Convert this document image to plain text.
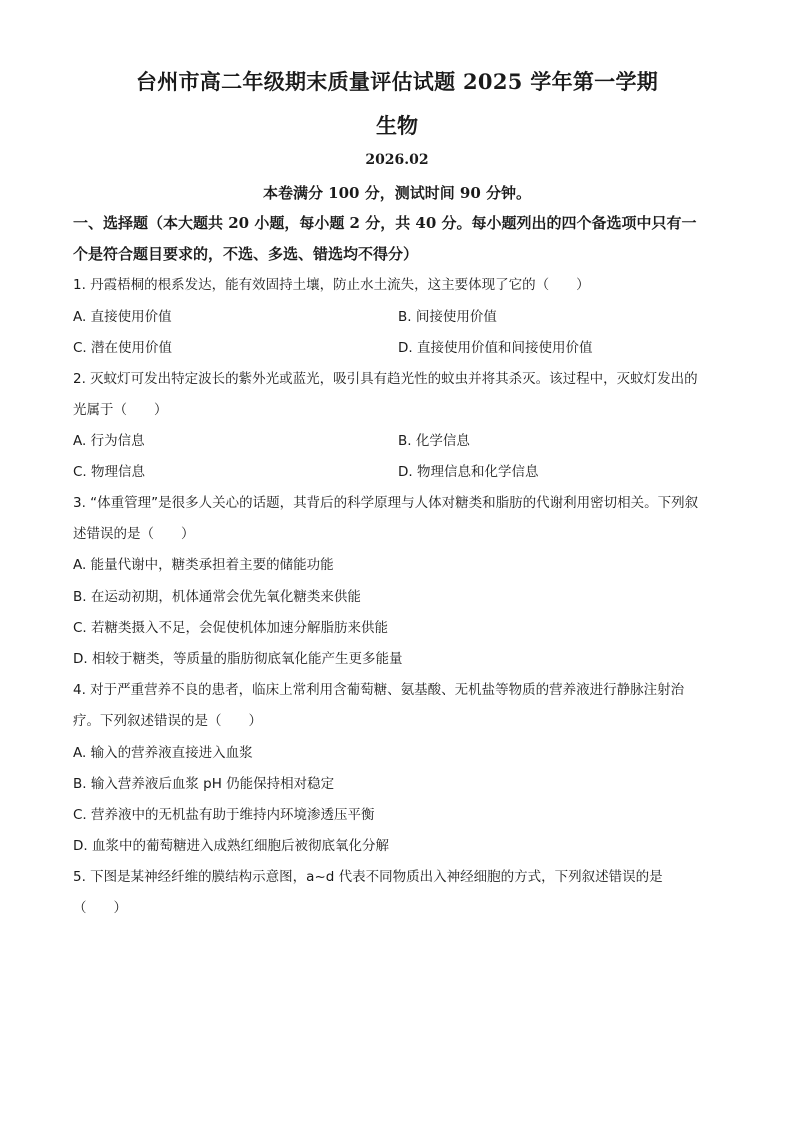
台州市高二年级期末质量评估试题 2025 学年第一学期
生物
2026.02
本卷满分 100 分，测试时间 90 分钟。
一、选择题（本大题共 20 小题，每小题 2 分，共 40 分。每小题列出的四个备选项中只有一
个是符合题目要求的，不选、多选、错选均不得分）
1. 丹霞梧桐的根系发达，能有效固持土壤，防止水土流失，这主要体现了它的（　　）
A. 直接使用价值	B. 间接使用价值
C. 潜在使用价值	D. 直接使用价值和间接使用价值
2. 灭蚊灯可发出特定波长的紫外光或蓝光，吸引具有趋光性的蚊虫并将其杀灭。该过程中，灭蚊灯发出的
光属于（　　）
A. 行为信息	B. 化学信息
C. 物理信息	D. 物理信息和化学信息
3. “体重管理”是很多人关心的话题，其背后的科学原理与人体对糖类和脂肪的代谢利用密切相关。下列叙
述错误的是（　　）
A. 能量代谢中，糖类承担着主要的储能功能
B. 在运动初期，机体通常会优先氧化糖类来供能
C. 若糖类摄入不足，会促使机体加速分解脂肪来供能
D. 相较于糖类，等质量的脂肪彻底氧化能产生更多能量
4. 对于严重营养不良的患者，临床上常利用含葡萄糖、氨基酸、无机盐等物质的营养液进行静脉注射治
疗。下列叙述错误的是（　　）
A. 输入的营养液直接进入血浆
B. 输入营养液后血浆 pH 仍能保持相对稳定
C. 营养液中的无机盐有助于维持内环境渗透压平衡
D. 血浆中的葡萄糖进入成熟红细胞后被彻底氧化分解
5. 下图是某神经纤维的膜结构示意图，a~d 代表不同物质出入神经细胞的方式，下列叙述错误的是
（　　）
